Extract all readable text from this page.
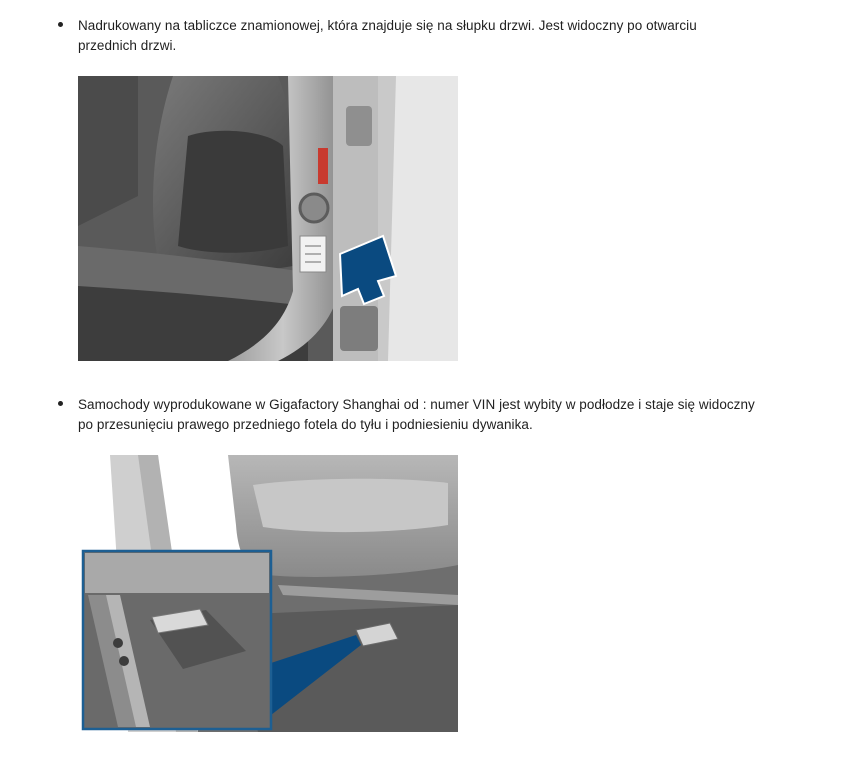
Nadrukowany na tabliczce znamionowej, która znajduje się na słupku drzwi. Jest widoczny po otwarciu przednich drzwi.
Samochody wyprodukowane w Gigafactory Shanghai od : numer VIN jest wybity w podłodze i staje się widoczny po przesunięciu prawego przedniego fotela do tyłu i podniesieniu dywanika.
